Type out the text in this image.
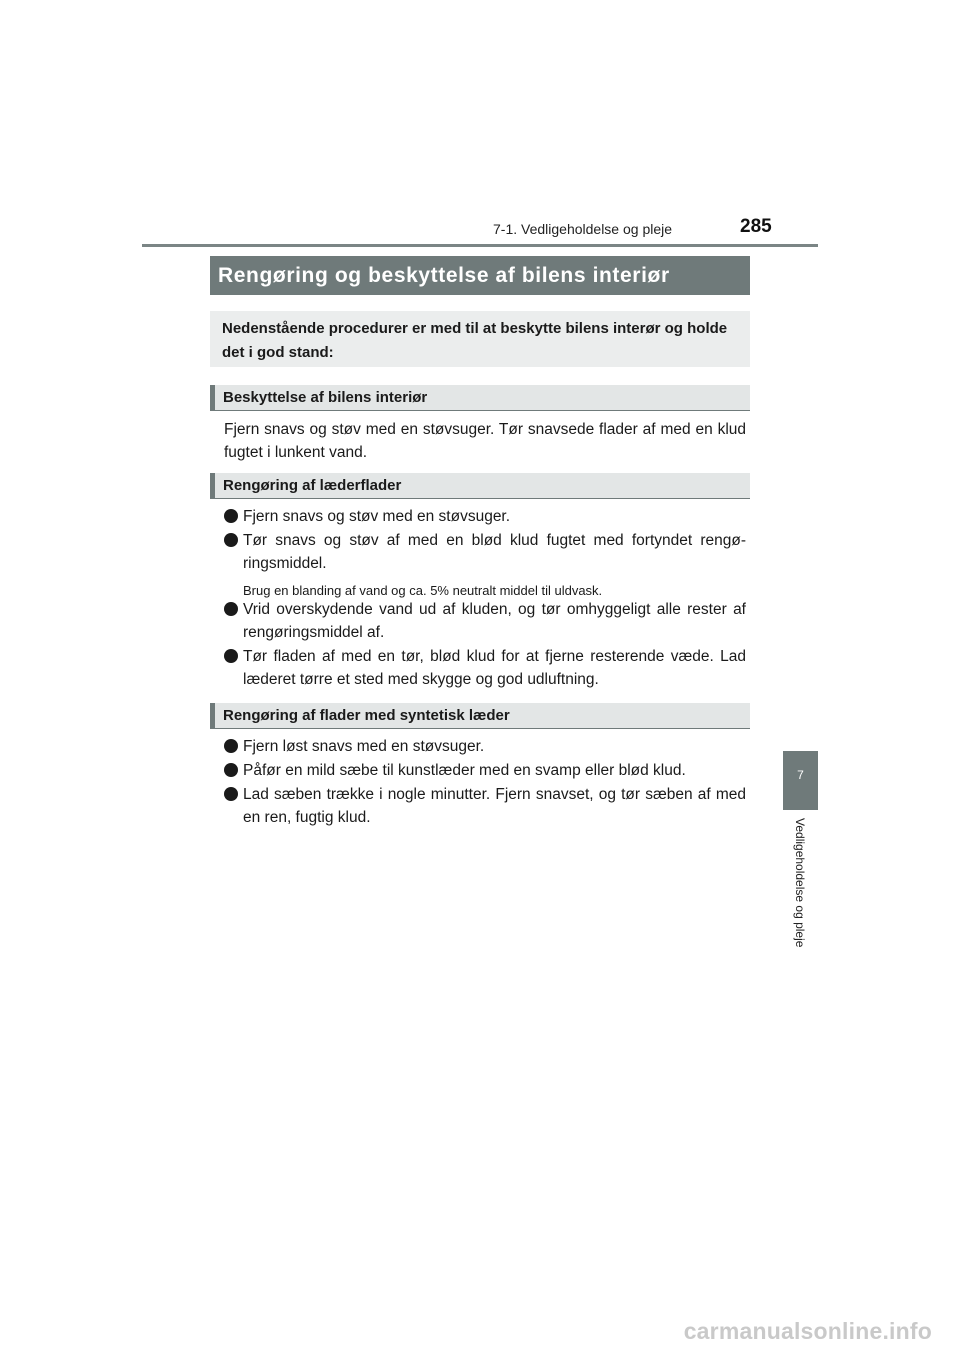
7-1. Vedligeholdelse og pleje	285
7
Vedligeholdelse og pleje
Rengøring og beskyttelse af bilens interiør
Nedenstående procedurer er med til at beskytte bilens interør og holde det i god stand:
Beskyttelse af bilens interiør
Fjern snavs og støv med en støvsuger. Tør snavsede flader af med en klud fugtet i lunkent vand.
Rengøring af læderflader
Fjern snavs og støv med en støvsuger.
Tør snavs og støv af med en blød klud fugtet med fortyndet rengø-ringsmiddel.
Brug en blanding af vand og ca. 5% neutralt middel til uldvask.
Vrid overskydende vand ud af kluden, og tør omhyggeligt alle rester af rengøringsmiddel af.
Tør fladen af med en tør, blød klud for at fjerne resterende væde. Lad læderet tørre et sted med skygge og god udluftning.
Rengøring af flader med syntetisk læder
Fjern løst snavs med en støvsuger.
Påfør en mild sæbe til kunstlæder med en svamp eller blød klud.
Lad sæben trække i nogle minutter. Fjern snavset, og tør sæben af med en ren, fugtig klud.
carmanualsonline.info
